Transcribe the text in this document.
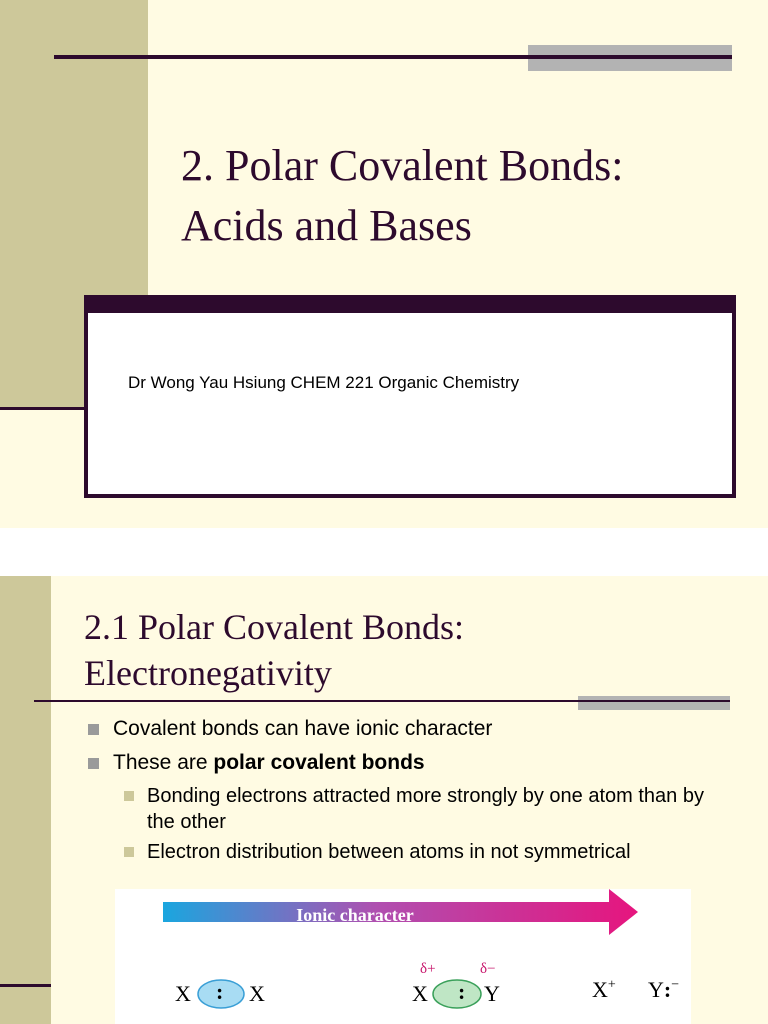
2. Polar Covalent Bonds:
Acids and Bases
Dr Wong Yau Hsiung CHEM 221 Organic Chemistry
2.1 Polar Covalent Bonds:
Electronegativity
Covalent bonds can have ionic character
These are polar covalent bonds
Bonding electrons attracted more strongly by one atom than by the other
Electron distribution between atoms in not symmetrical
Ionic character
X : X
δ+	δ−
X : Y	X+ Y:−
